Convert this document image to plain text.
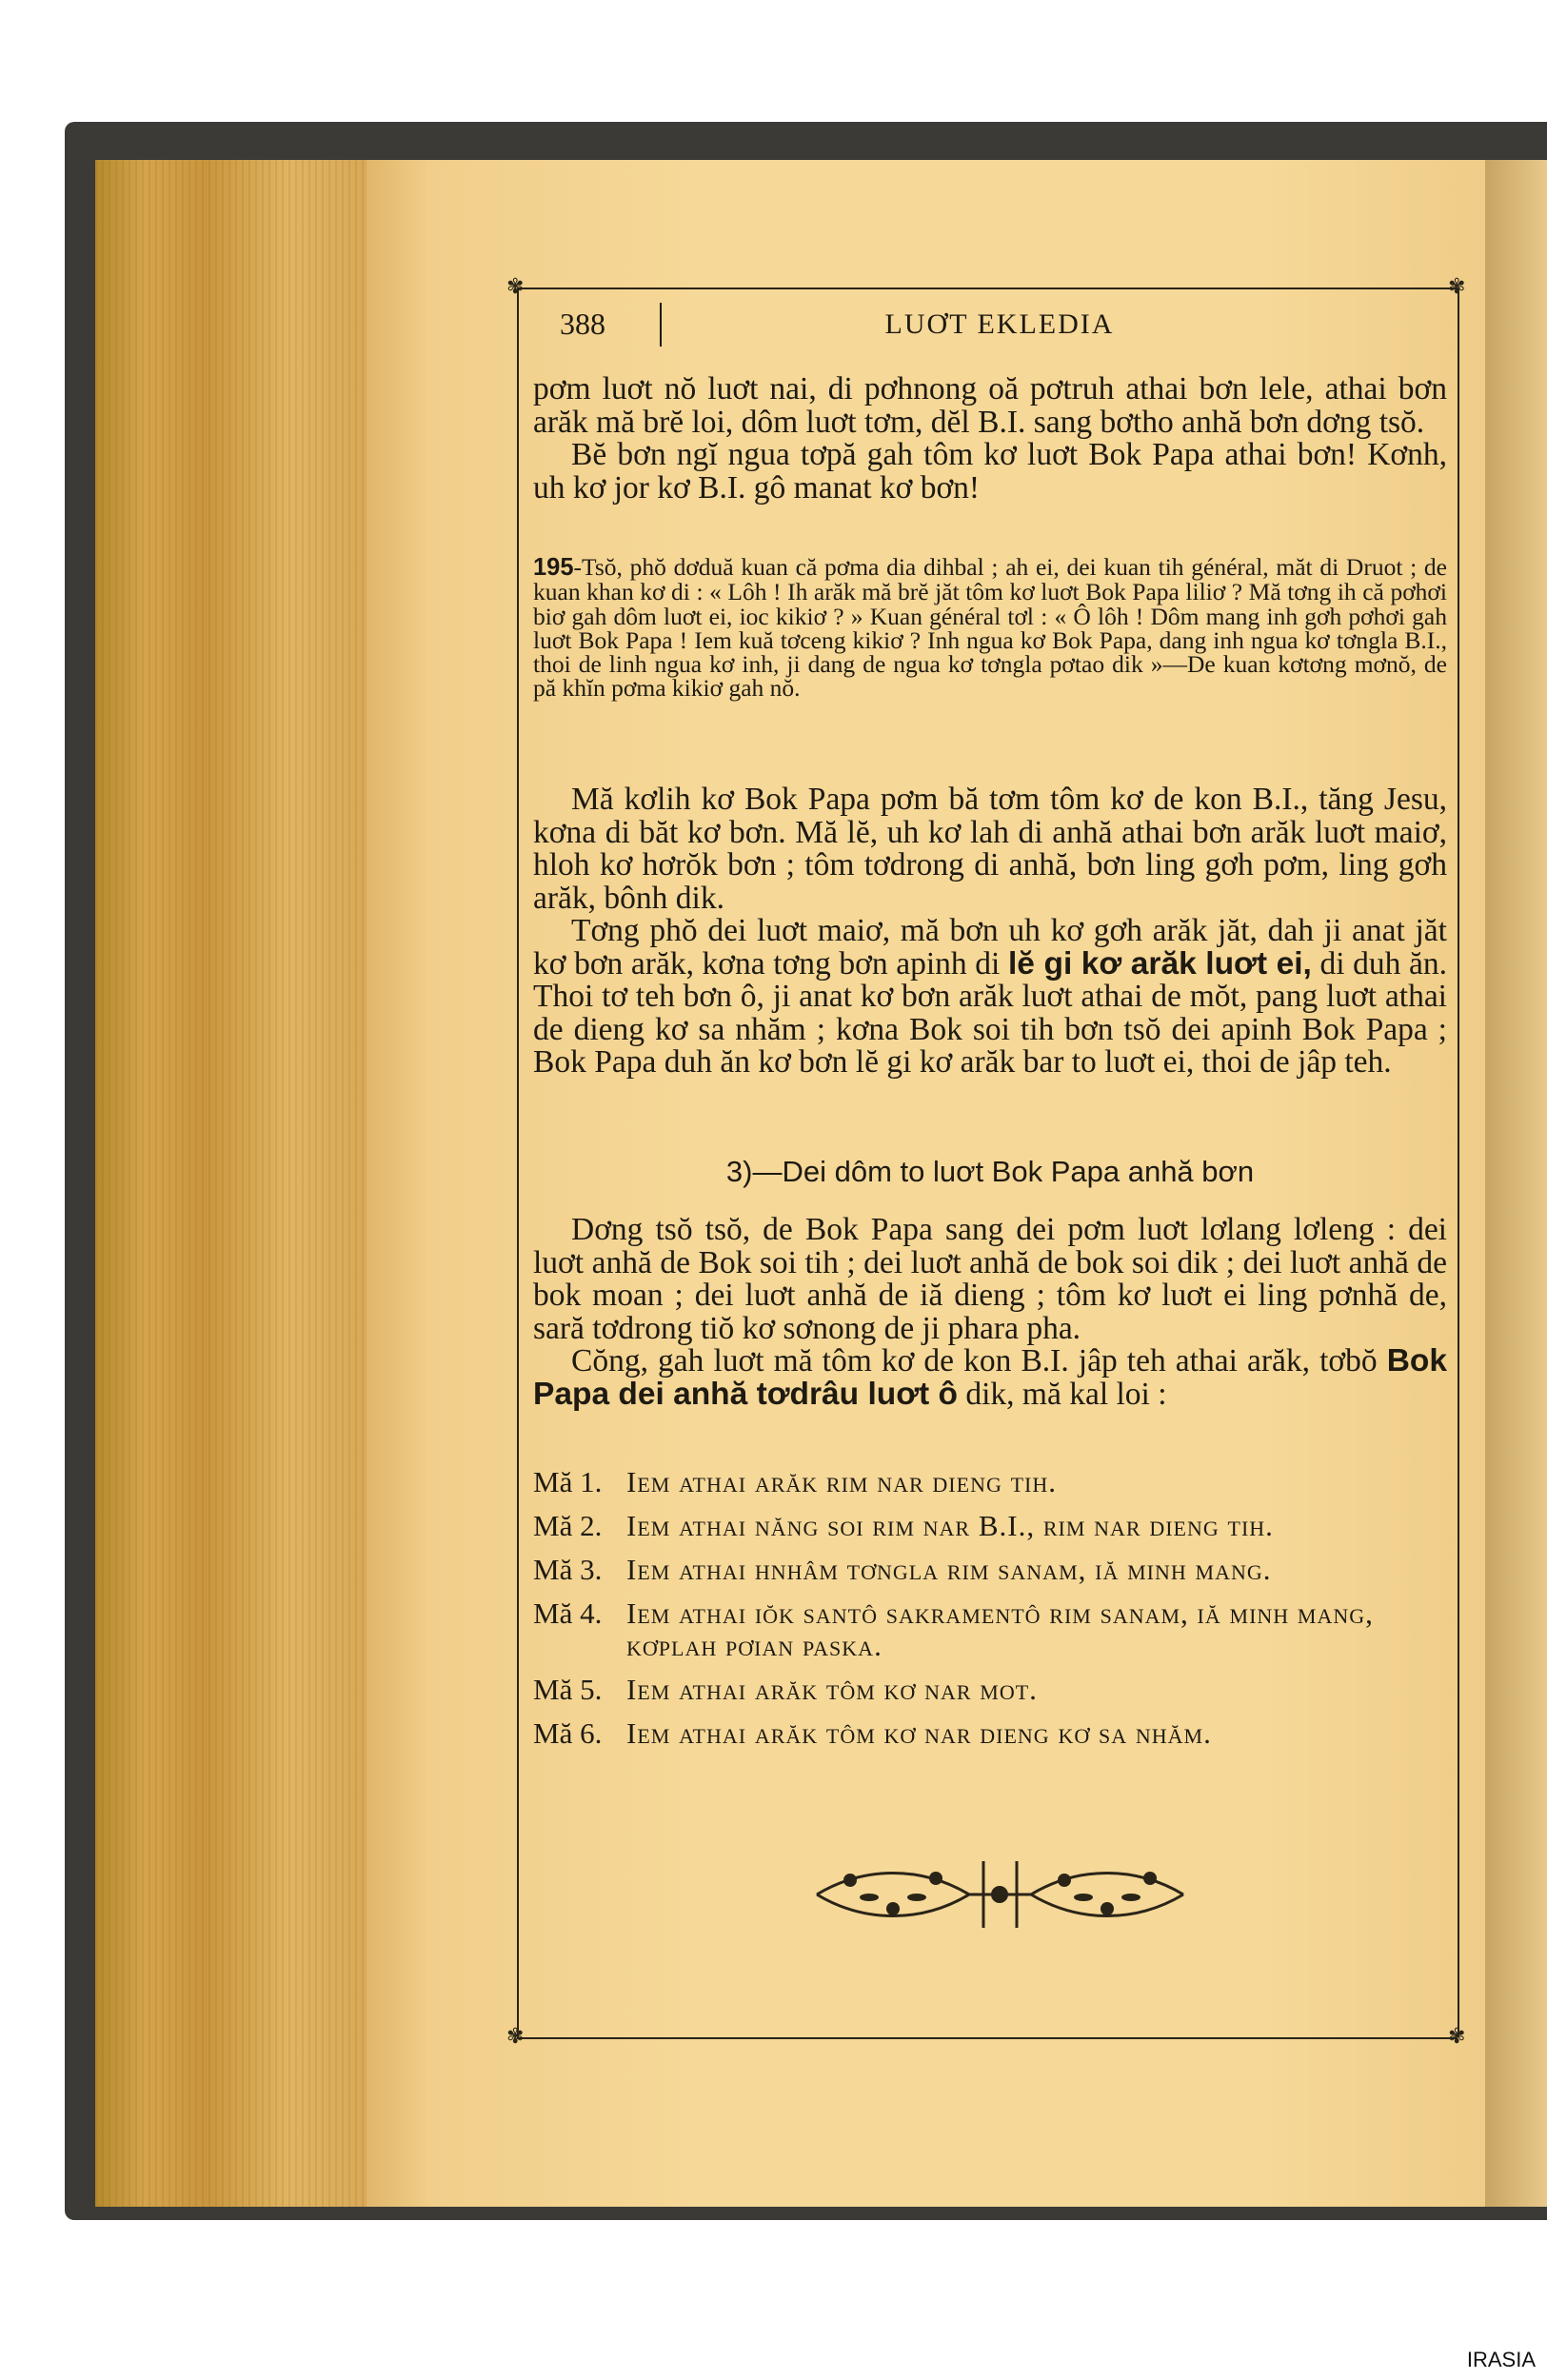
✾	✾
✾	✾
388	LUƠT EKLEDIA

pơm luơt nŏ luơt nai, di pơhnong oă pơtruh athai bơn lele, athai bơn arăk mă brĕ loi, dôm luơt tơm, dĕl B.I. sang bơtho anhă bơn dơng tsŏ.

Bĕ bơn ngĭ ngua tơpă gah tôm kơ luơt Bok Papa athai bơn! Kơnh, uh kơ jor kơ B.I. gô manat kơ bơn!

195-Tsŏ, phŏ dơduă kuan că pơma dia dihbal ; ah ei, dei kuan tih général, măt di Druot ; de kuan khan kơ di : « Lôh ! Ih arăk mă brĕ jăt tôm kơ luơt Bok Papa liliơ ? Mă tơng ih că pơhơi biơ gah dôm luơt ei, ioc kikiơ ? » Kuan général tơl : « Ô lôh ! Dôm mang inh gơh pơhơi gah luơt Bok Papa ! Iem kuă tơceng kikiơ ? Inh ngua kơ Bok Papa, dang inh ngua kơ tơngla B.I., thoi de linh ngua kơ inh, ji dang de ngua kơ tơngla pơtao dik »—De kuan kơtơng mơnŏ, de pă khĭn pơma kikiơ gah nŏ.

Mă kơlih kơ Bok Papa pơm bă tơm tôm kơ de kon B.I., tăng Jesu, kơna di băt kơ bơn. Mă lĕ, uh kơ lah di anhă athai bơn arăk luơt maiơ, hloh kơ hơrŏk bơn ; tôm tơdrong di anhă, bơn ling gơh pơm, ling gơh arăk, bônh dik.

Tơng phŏ dei luơt maiơ, mă bơn uh kơ gơh arăk jăt, dah ji anat jăt kơ bơn arăk, kơna tơng bơn apinh di lĕ gi kơ arăk luơt ei, di duh ăn. Thoi tơ teh bơn ô, ji anat kơ bơn arăk luơt athai de mŏt, pang luơt athai de dieng kơ sa nhăm ; kơna Bok soi tih bơn tsŏ dei apinh Bok Papa ; Bok Papa duh ăn kơ bơn lĕ gi kơ arăk bar to luơt ei, thoi de jâp teh.

3)—Dei dôm to luơt Bok Papa anhă bơn

Dơng tsŏ tsŏ, de Bok Papa sang dei pơm luơt lơlang lơleng : dei luơt anhă de Bok soi tih ; dei luơt anhă de bok soi dik ; dei luơt anhă de bok moan ; dei luơt anhă de iă dieng ; tôm kơ luơt ei ling pơnhă de, sară tơdrong tiŏ kơ sơnong de ji phara pha.

Cŏng, gah luơt mă tôm kơ de kon B.I. jâp teh athai arăk, tơbŏ Bok Papa dei anhă tơdrâu luơt ô dik, mă kal loi :

Mă 1. Iem athai arăk rim nar dieng tih.
Mă 2. Iem athai năng soi rim nar B.I., rim nar dieng tih.
Mă 3. Iem athai hnhâm tơngla rim sanam, iă minh mang.
Mă 4. Iem athai iŏk santô sakramentô rim sanam, iă minh mang, kơplah pơian paska.
Mă 5. Iem athai arăk tôm kơ nar mot.
Mă 6. Iem athai arăk tôm kơ nar dieng kơ sa nhăm.
IRASIA
